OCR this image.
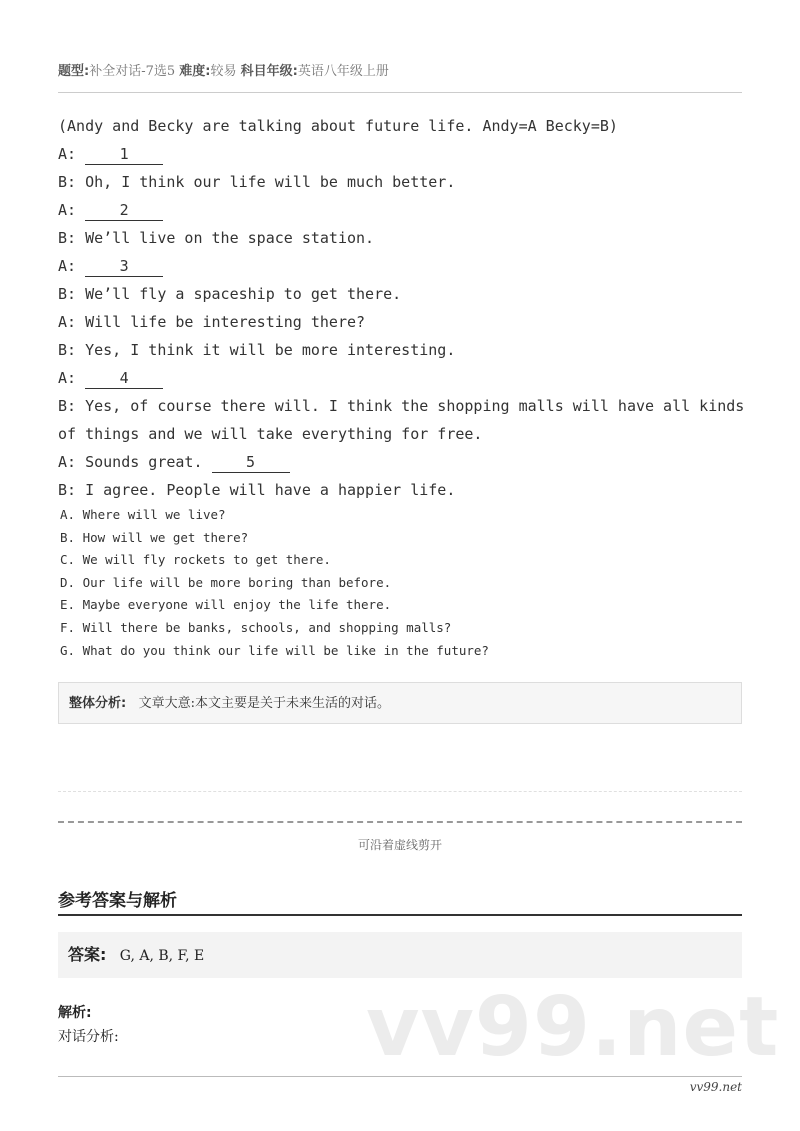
题型:补全对话-7选5 难度:较易 科目年级:英语八年级上册
(Andy and Becky are talking about future life. Andy=A Becky=B)
A: 1
B: Oh, I think our life will be much better.
A: 2
B: We’ll live on the space station.
A: 3
B: We’ll fly a spaceship to get there.
A: Will life be interesting there?
B: Yes, I think it will be more interesting.
A: 4
B: Yes, of course there will. I think the shopping malls will have all kinds
of things and we will take everything for free.
A: Sounds great. 5
B: I agree. People will have a happier life.
A. Where will we live?
B. How will we get there?
C. We will fly rockets to get there.
D. Our life will be more boring than before.
E. Maybe everyone will enjoy the life there.
F. Will there be banks, schools, and shopping malls?
G. What do you think our life will be like in the future?
整体分析: 文章大意:本文主要是关于未来生活的对话。
可沿着虚线剪开
参考答案与解析
答案: G, A, B, F, E
vv99.net
解析:
对话分析:
vv99.net
